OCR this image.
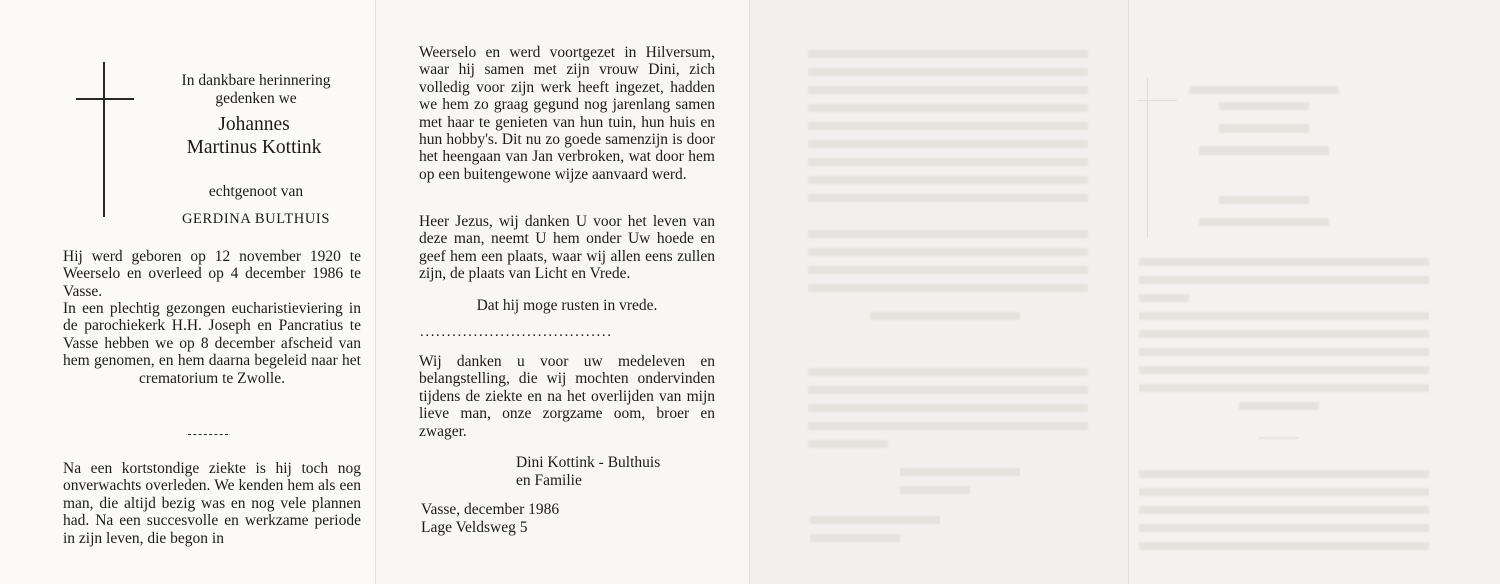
In dankbare herinnering

gedenken we

Johannes

Martinus Kottink

echtgenoot van

GERDINA BULTHUIS

Hij werd geboren op 12 november 1920 te Weerselo en overleed op 4 december 1986 te Vasse.

In een plechtig gezongen eucharistieviering in de parochiekerk H.H. Joseph en Pancratius te Vasse hebben we op 8 december afscheid van hem genomen, en hem daarna begeleid naar het crematorium te Zwolle.

Na een kortstondige ziekte is hij toch nog onverwachts overleden. We kenden hem als een man, die altijd bezig was en nog vele plannen had. Na een succesvolle en werkzame periode in zijn leven, die begon in

Weerselo en werd voortgezet in Hilversum, waar hij samen met zijn vrouw Dini, zich volledig voor zijn werk heeft ingezet, hadden we hem zo graag gegund nog jarenlang samen met haar te genieten van hun tuin, hun huis en hun hobby's. Dit nu zo goede samenzijn is door het heengaan van Jan verbroken, wat door hem op een buitengewone wijze aanvaard werd.

Heer Jezus, wij danken U voor het leven van deze man, neemt U hem onder Uw hoede en geef hem een plaats, waar wij allen eens zullen zijn, de plaats van Licht en Vrede.

Dat hij moge rusten in vrede.

....................................

Wij danken u voor uw medeleven en belangstelling, die wij mochten ondervinden tijdens de ziekte en na het overlijden van mijn lieve man, onze zorgzame oom, broer en zwager.

Dini Kottink - Bulthuis

en Familie

Vasse, december 1986

Lage Veldsweg 5
